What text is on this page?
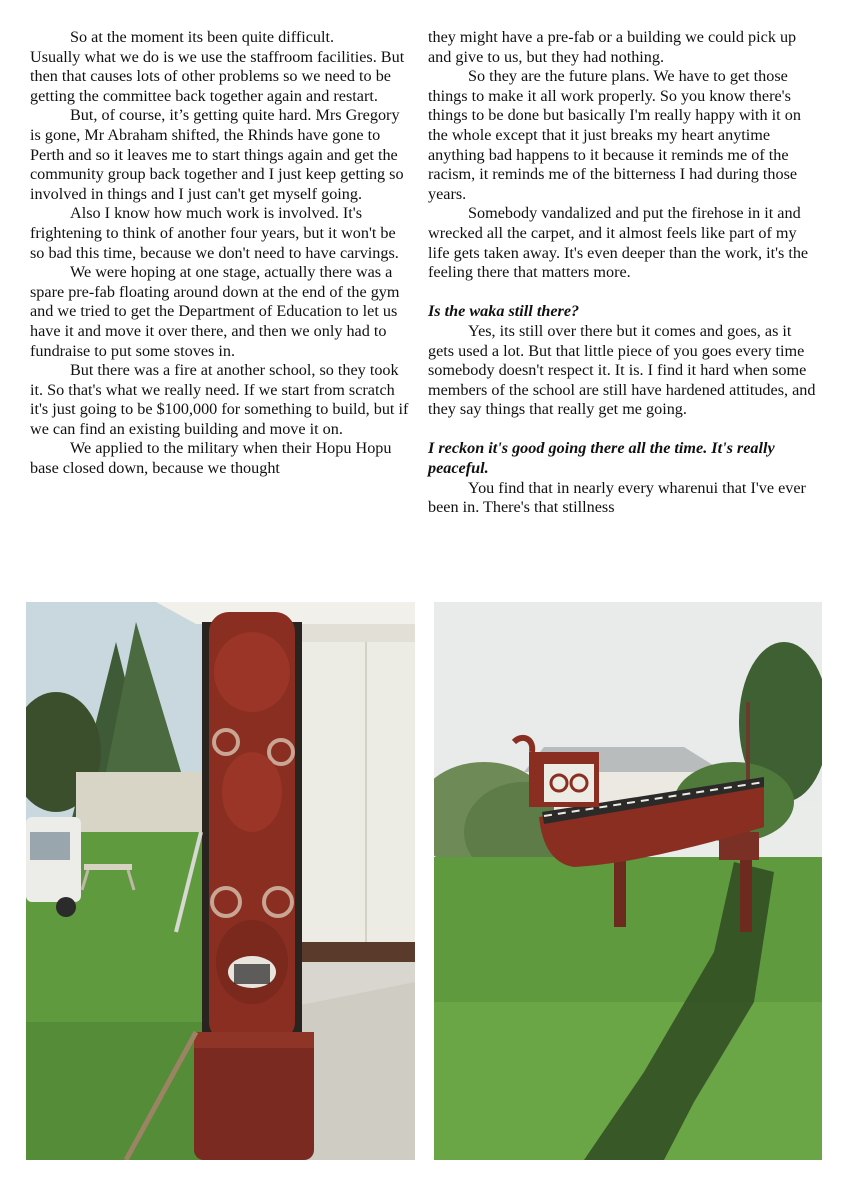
So at the moment its been quite difficult.

Usually what we do is we use the staffroom facilities. But then that causes lots of other problems so we need to be getting the committee back together again and restart.

But, of course, it’s getting quite hard. Mrs Gregory is gone, Mr Abraham shifted, the Rhinds have gone to Perth and so it leaves me to start things again and get the community group back together and I just keep getting so involved in things and I just can't get myself going.

Also I know how much work is involved. It's frightening to think of another four years, but it won't be so bad this time, because we don't need to have carvings.

We were hoping at one stage, actually there was a spare pre-fab floating around down at the end of the gym and we tried to get the Department of Education to let us have it and move it over there, and then we only had to fundraise to put some stoves in.

But there was a fire at another school, so they took it. So that's what we really need. If we start from scratch it's just going to be $100,000 for something to build, but if we can find an existing building and move it on.

We applied to the military when their Hopu Hopu base closed down, because we thought

they might have a pre-fab or a building we could pick up and give to us, but they had nothing.

So they are the future plans. We have to get those things to make it all work properly. So you know there's things to be done but basically I'm really happy with it on the whole except that it just breaks my heart anytime anything bad happens to it because it reminds me of the racism, it reminds me of the bitterness I had during those years.

Somebody vandalized and put the firehose in it and wrecked all the carpet, and it almost feels like part of my life gets taken away. It's even deeper than the work, it's the feeling there that matters more.

Is the waka still there?

Yes, its still over there but it comes and goes, as it gets used a lot. But that little piece of you goes every time somebody doesn't respect it. It is. I find it hard when some members of the school are still have hardened attitudes, and they say things that really get me going.

I reckon it's good going there all the time. It's really peaceful.

You find that in nearly every wharenui that I've ever been in. There's that stillness
